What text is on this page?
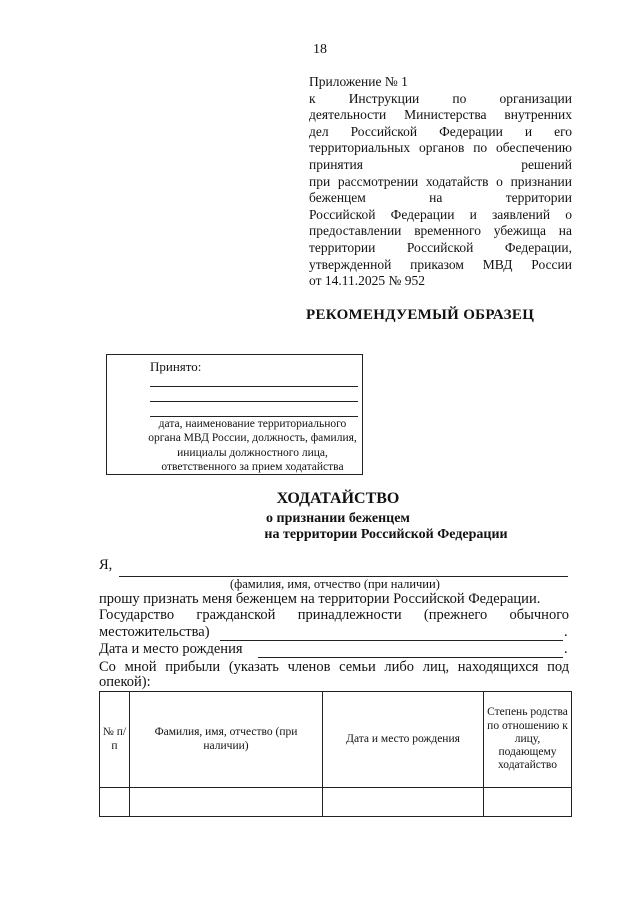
18
Приложение № 1
к Инструкции по организации
деятельности Министерства внутренних
дел Российской Федерации и его
территориальных органов по обеспечению
принятия	решений
при рассмотрении ходатайств о признании
беженцем	на	территории
Российской Федерации и заявлений о
предоставлении временного убежища на
территории Российской Федерации,
утвержденной приказом МВД России
от 14.11.2025 № 952
РЕКОМЕНДУЕМЫЙ ОБРАЗЕЦ
Принято:
дата, наименование территориального органа МВД России, должность, фамилия, инициалы должностного лица, ответственного за прием ходатайства
ХОДАТАЙСТВО
о признании беженцем
на территории Российской Федерации
Я,
(фамилия, имя, отчество (при наличии)
прошу признать меня беженцем на территории Российской Федерации.
Государство гражданской принадлежности (прежнего обычного
местожительства)	.
Дата и место рождения	.
Со мной прибыли (указать членов семьи либо лиц, находящихся под
опекой):
№ п/п	Фамилия, имя, отчество (при наличии)	Дата и место рождения	Степень родства по отношению к лицу, подающему ходатайство
